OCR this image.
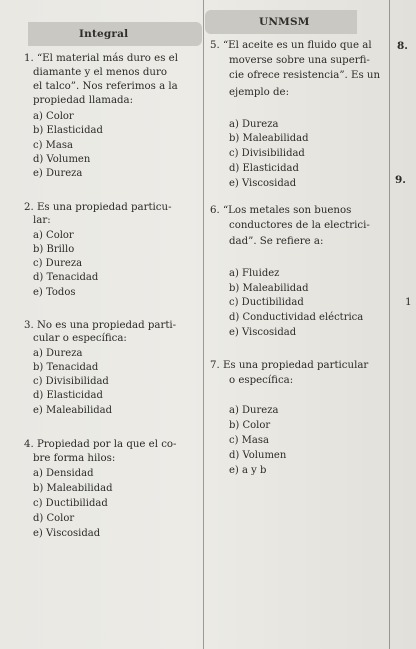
Integral
UNMSM
1. “El material más duro es el
diamante y el menos duro
el talco”. Nos referimos a la
propiedad llamada:
a) Color
b) Elasticidad
c) Masa
d) Volumen
e) Dureza
2. Es una propiedad particu-
lar:
a) Color
b) Brillo
c) Dureza
d) Tenacidad
e) Todos
3. No es una propiedad parti-
cular o específica:
a) Dureza
b) Tenacidad
c) Divisibilidad
d) Elasticidad
e) Maleabilidad
4. Propiedad por la que el co-
bre forma hilos:
a) Densidad
b) Maleabilidad
c) Ductibilidad
d) Color
e) Viscosidad
5. “El aceite es un fluido que al
moverse sobre una superfi-
cie ofrece resistencia”. Es un
ejemplo de:
a) Dureza
b) Maleabilidad
c) Divisibilidad
d) Elasticidad
e) Viscosidad
6. “Los metales son buenos
conductores de la electrici-
dad”. Se refiere a:
a) Fluidez
b) Maleabilidad
c) Ductibilidad
d) Conductividad eléctrica
e) Viscosidad
7. Es una propiedad particular
o específica:
a) Dureza
b) Color
c) Masa
d) Volumen
e) a y b
8.
9.
1
